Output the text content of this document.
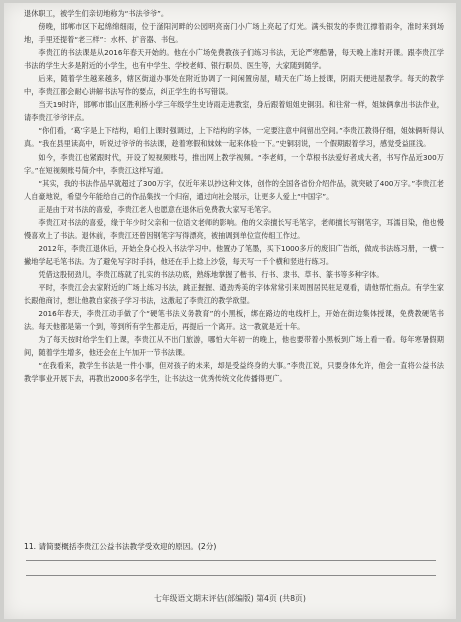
退休职工，被学生们亲切地称为“书法爷爷”。

傍晚，邯郸市区下起绵绵细雨，位于滏阳河畔的公园明亮南门小广场上亮起了灯光。满头银发的李贵江撑着雨伞，准时来到场地，手里还提着“老三样”：水杯、扩音器、书包。

李贵江的书法课是从2016年春天开始的。他在小广场免费教孩子们练习书法，无论严寒酷暑，每天晚上准时开课。跟李贵江学书法的学生大多是附近的小学生，也有中学生、学校老师、银行职员、医生等，大家随到随学。

后来，随着学生越来越多，辖区街道办事处在附近协调了一间闲置房屋，晴天在广场上授课，阴雨天便进屋教学。每天的教学中，李贵江都会耐心讲解书法写作的要点，纠正学生的书写错误。

当天19时许，邯郸市邯山区胜利桥小学三年级学生史诗雨走进教室，身后跟着姐姐史铜羽。和往常一样，姐妹俩拿出书法作业，请李贵江爷爷评点。

“你们看，‘葛’字是上下结构，咱们上课时强调过，上下结构的字体，一定要注意中间留出空间。”李贵江教得仔细，姐妹俩听得认真。“我在县里读高中，听说过爷爷的书法课，趁着寒假和妹妹一起来体验一下。”史铜羽说，一个假期跟着学习，感觉受益匪浅。

如今，李贵江也紧跟时代，开设了短视频账号，推出网上教学视频。“李老师，一个草根书法爱好者成大者，书写作品近300万字。”在短视频账号简介中，李贵江这样写道。

“其实，我的书法作品早就超过了300万字，仅近年来以抄这种文体，创作的全国各省份介绍作品，就突破了400万字。”李贵江老人自豪地说，希望今年能给自己的作品集找一个归宿，通过向社会展示，让更多人爱上“中国字”。

正是由于对书法的喜爱，李贵江老人也愿意在退休后免费教大家写毛笔字。

李贵江对书法的喜爱，缘于年少时父亲和一位语文老师的影响。他的父亲擅长写毛笔字，老师擅长写钢笔字，耳濡目染，他也慢慢喜欢上了书法。退休前，李贵江还曾因钢笔字写得漂亮，被抽调到单位宣传组工作过。

2012年，李贵江退休后，开始全身心投入书法学习中。他置办了笔墨，买下1000多斤的废旧广告纸，做成书法练习册，一横一撇地学起毛笔书法。为了避免写字时手抖，他还在手上捻上沙袋，每天写一千个横和竖进行练习。

凭借这股韧劲儿，李贵江练就了扎实的书法功底，熟练地掌握了楷书、行书、隶书、草书、篆书等多种字体。

平时，李贵江会去家附近的广场上练习书法，跳正握握、遒劲秀美的字体常常引来周围居民驻足观看，请他帮忙指点。有学生家长跟他商讨，想让他教自家孩子学习书法，这激起了李贵江的教学欲望。

2016年春天，李贵江动手做了个“硬笔书法义务教育”的小黑板，绑在路边的电线杆上，开始在街边集体授课，免费教硬笔书法。每天他都是第一个到，等到所有学生都走后，再提后一个离开。这一教就是近十年。

为了每天按时给学生们上课，李贵江从不出门旅游，哪怕大年初一的晚上，他也要带着小黑板到广场上看一看。每年寒暑假期间，随着学生增多，他还会在上午加开一节书法课。

“在我看来，教学生书法是一件小事，但对孩子的未来，却是受益终身的大事。”李贵江说，只要身体允许，他会一直将公益书法教学事业开展下去，再教出2000多名学生，让书法这一优秀传统文化传播得更广。

11. 请简要概括李贵江公益书法教学受欢迎的原因。(2分)
七年级语文期末评估(部编版) 第4页 (共8页)
